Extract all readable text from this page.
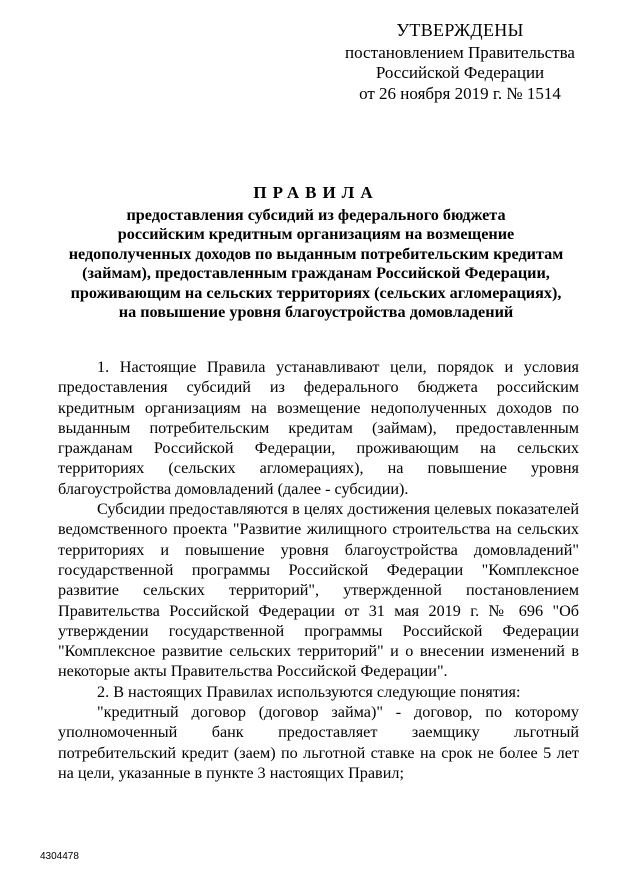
УТВЕРЖДЕНЫ
постановлением Правительства
Российской Федерации
от 26 ноября 2019 г. № 1514
ПРАВИЛА
предоставления субсидий из федерального бюджета
российским кредитным организациям на возмещение
недополученных доходов по выданным потребительским кредитам
(займам), предоставленным гражданам Российской Федерации,
проживающим на сельских территориях (сельских агломерациях),
на повышение уровня благоустройства домовладений

1. Настоящие Правила устанавливают цели, порядок и условия предоставления субсидий из федерального бюджета российским кредитным организациям на возмещение недополученных доходов по выданным потребительским кредитам (займам), предоставленным гражданам Российской Федерации, проживающим на сельских территориях (сельских агломерациях), на повышение уровня благоустройства домовладений (далее - субсидии).

Субсидии предоставляются в целях достижения целевых показателей ведомственного проекта "Развитие жилищного строительства на сельских территориях и повышение уровня благоустройства домовладений" государственной программы Российской Федерации "Комплексное развитие сельских территорий", утвержденной постановлением Правительства Российской Федерации от 31 мая 2019 г. № 696 "Об утверждении государственной программы Российской Федерации "Комплексное развитие сельских территорий" и о внесении изменений в некоторые акты Правительства Российской Федерации".

2. В настоящих Правилах используются следующие понятия:

"кредитный договор (договор займа)" - договор, по которому уполномоченный банк предоставляет заемщику льготный потребительский кредит (заем) по льготной ставке на срок не более 5 лет на цели, указанные в пункте 3 настоящих Правил;

4304478
